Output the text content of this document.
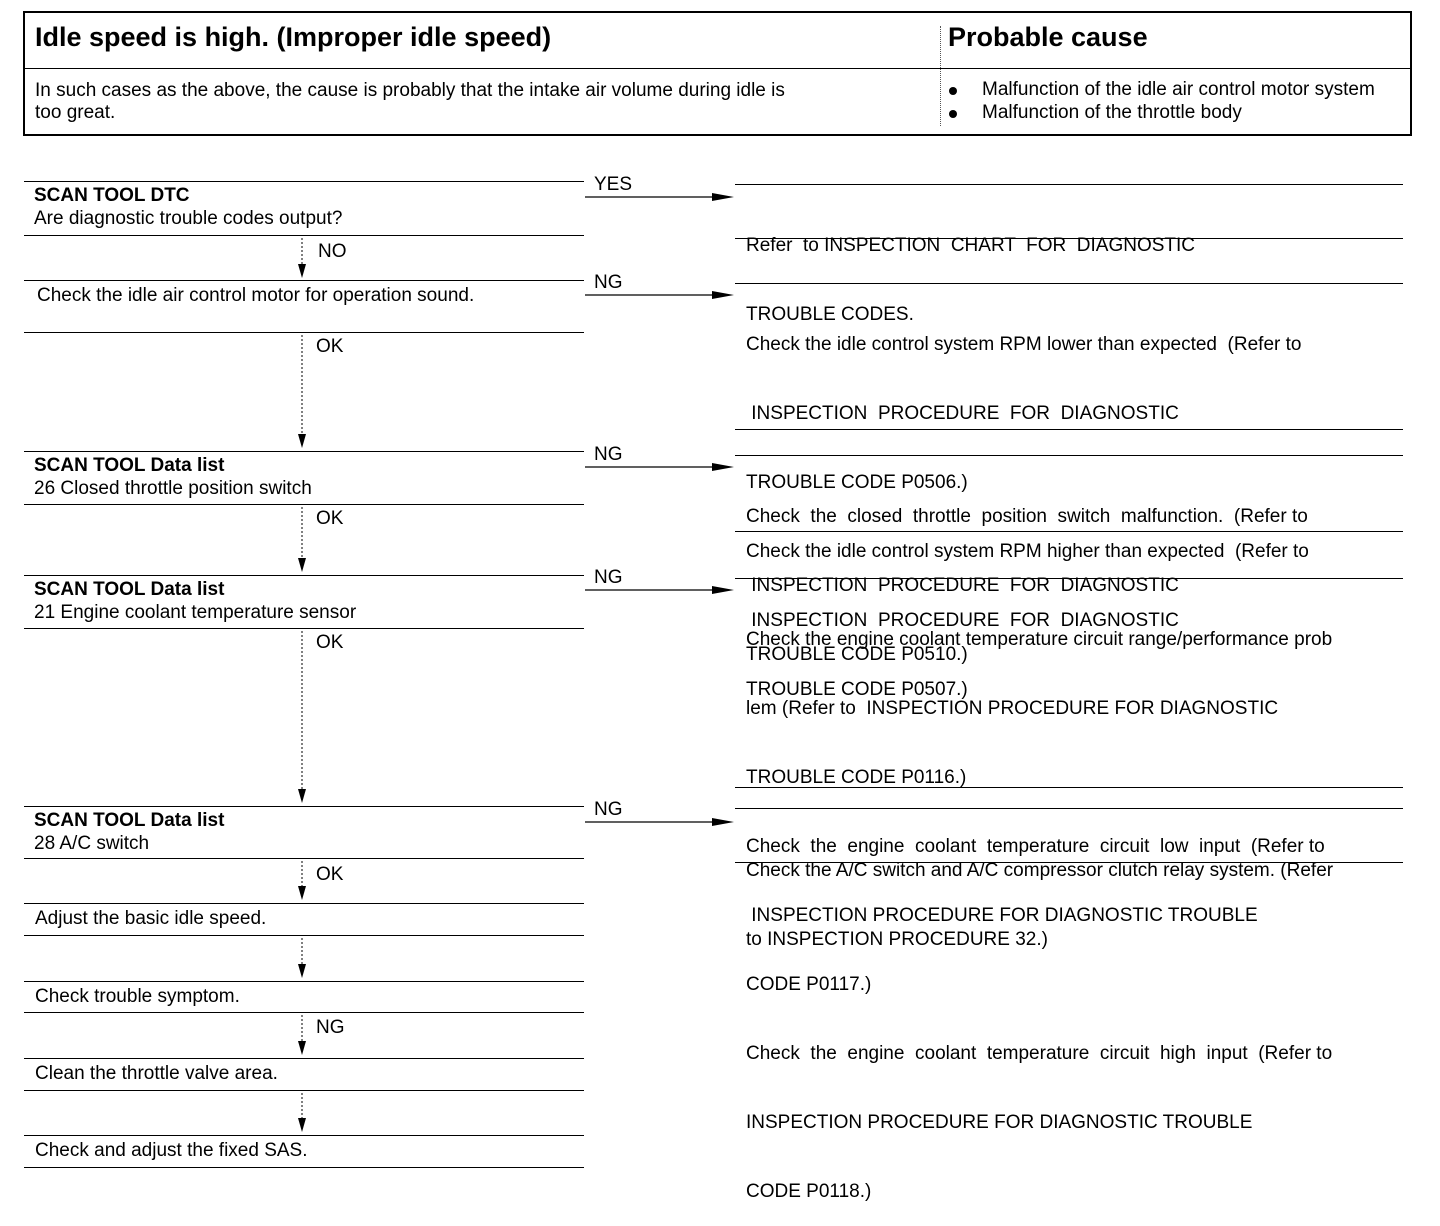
Idle speed is high. (Improper idle speed)	Probable cause
In such cases as the above, the cause is probably that the intake air volume during idle is
too great.
Malfunction of the idle air control motor system
Malfunction of the throttle body
SCAN TOOL DTC
Are diagnostic trouble codes output?
Check the idle air control motor for operation sound.
SCAN TOOL Data list
26 Closed throttle position switch
SCAN TOOL Data list
21 Engine coolant temperature sensor
SCAN TOOL Data list
28 A/C switch
Adjust the basic idle speed.
Check trouble symptom.
Clean the throttle valve area.
Check and adjust the fixed SAS.
NO
OK
OK
OK
OK
NG
YES
NG
NG
NG
NG

Refer  to INSPECTION  CHART  FOR  DIAGNOSTIC

TROUBLE CODES.

Check the idle control system RPM lower than expected  (Refer to

INSPECTION  PROCEDURE  FOR  DIAGNOSTIC

TROUBLE CODE P0506.)

Check the idle control system RPM higher than expected  (Refer to

INSPECTION  PROCEDURE  FOR  DIAGNOSTIC

TROUBLE CODE P0507.)

Check  the  closed  throttle  position  switch  malfunction.  (Refer to

INSPECTION  PROCEDURE  FOR  DIAGNOSTIC

TROUBLE CODE P0510.)

Check the engine coolant temperature circuit range/performance prob

lem (Refer to  INSPECTION PROCEDURE FOR DIAGNOSTIC

TROUBLE CODE P0116.)

Check  the  engine  coolant  temperature  circuit  low  input  (Refer to

INSPECTION PROCEDURE FOR DIAGNOSTIC TROUBLE

CODE P0117.)

Check  the  engine  coolant  temperature  circuit  high  input  (Refer to

INSPECTION PROCEDURE FOR DIAGNOSTIC TROUBLE

CODE P0118.)

Check the A/C switch and A/C compressor clutch relay system. (Refer

to INSPECTION PROCEDURE 32.)
